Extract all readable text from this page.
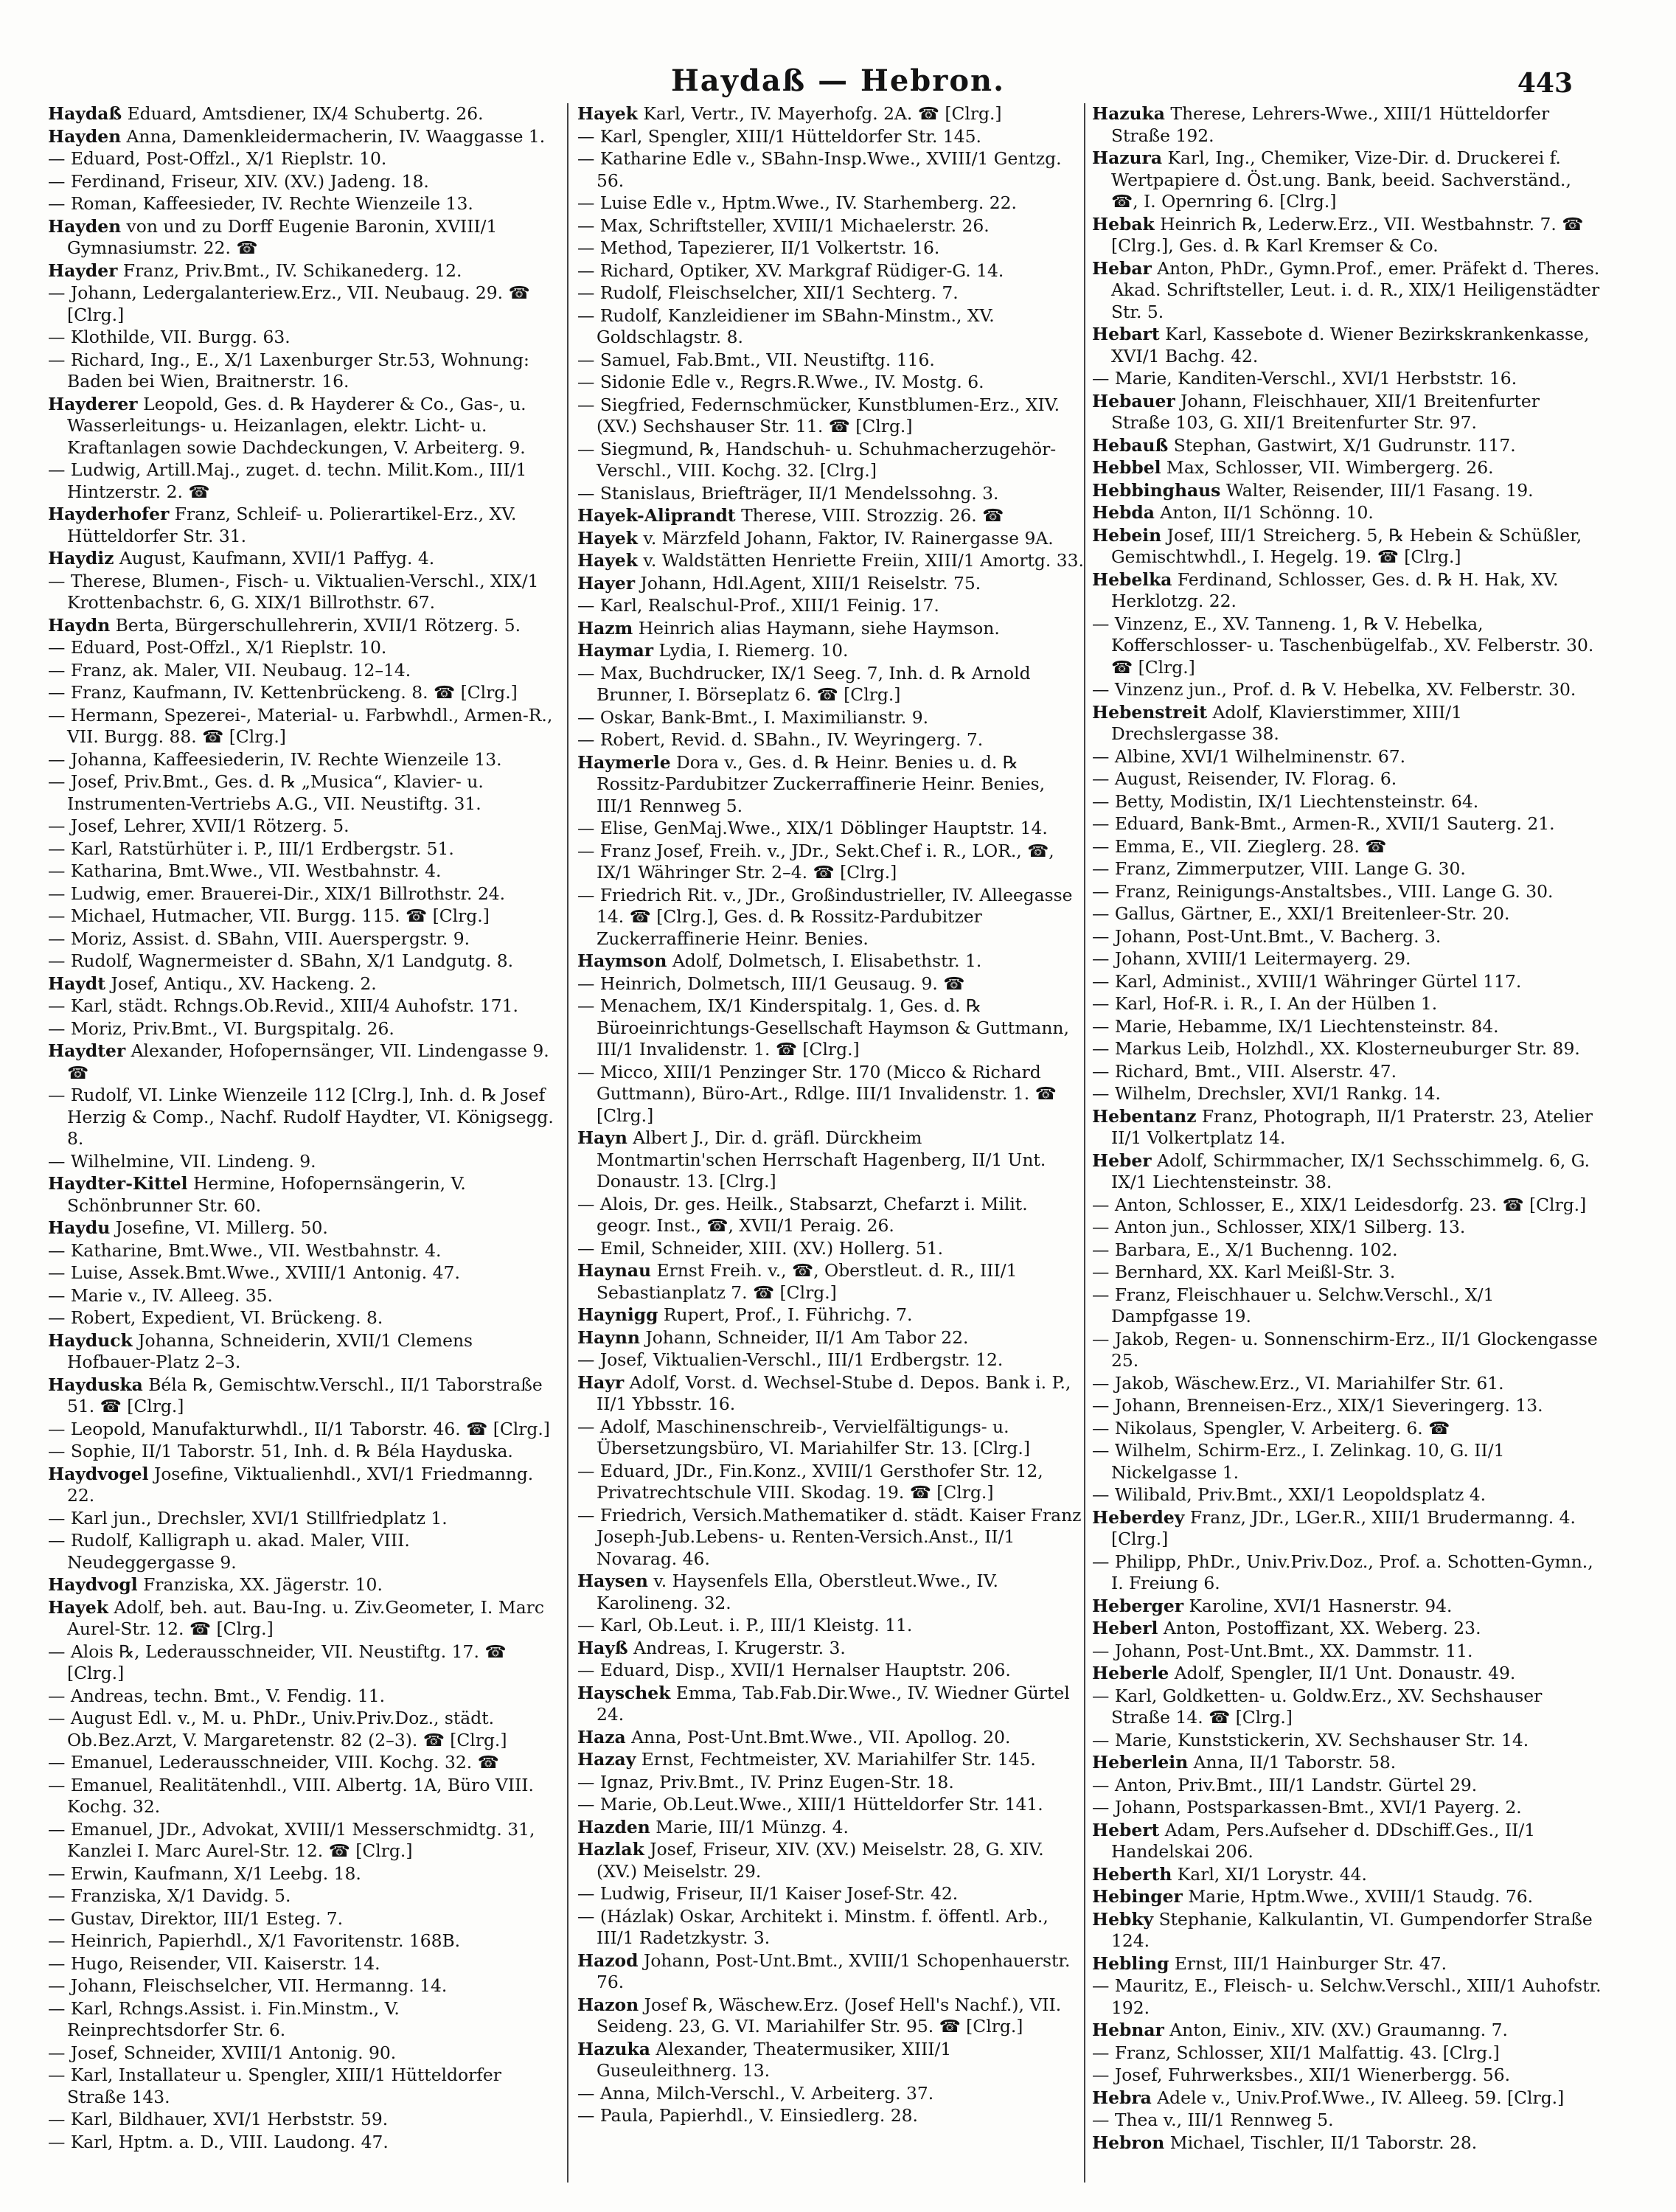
Haydaß — Hebron.	443
Haydaß Eduard, Amtsdiener, IX/4 Schubertg. 26.
Hayden Anna, Damenkleidermacherin, IV. Waaggasse 1.
— Eduard, Post-Offzl., X/1 Rieplstr. 10.
— Ferdinand, Friseur, XIV. (XV.) Jadeng. 18.
— Roman, Kaffeesieder, IV. Rechte Wienzeile 13.
Hayden von und zu Dorff Eugenie Baronin, XVIII/1 Gymnasiumstr. 22. ☎
Hayder Franz, Priv.Bmt., IV. Schikanederg. 12.
— Johann, Ledergalanteriew.Erz., VII. Neubaug. 29. ☎ [Clrg.]
— Klothilde, VII. Burgg. 63.
— Richard, Ing., E., X/1 Laxenburger Str.53, Wohnung: Baden bei Wien, Braitnerstr. 16.
Hayderer Leopold, Ges. d. ℞ Hayderer & Co., Gas-, u. Wasserleitungs- u. Heizanlagen, elektr. Licht- u. Kraftanlagen sowie Dachdeckungen, V. Arbeiterg. 9.
— Ludwig, Artill.Maj., zuget. d. techn. Milit.Kom., III/1 Hintzerstr. 2. ☎
Hayderhofer Franz, Schleif- u. Polierartikel-Erz., XV. Hütteldorfer Str. 31.
Haydiz August, Kaufmann, XVII/1 Paffyg. 4.
— Therese, Blumen-, Fisch- u. Viktualien-Verschl., XIX/1 Krottenbachstr. 6, G. XIX/1 Billrothstr. 67.
Haydn Berta, Bürgerschullehrerin, XVII/1 Rötzerg. 5.
— Eduard, Post-Offzl., X/1 Rieplstr. 10.
— Franz, ak. Maler, VII. Neubaug. 12–14.
— Franz, Kaufmann, IV. Kettenbrückeng. 8. ☎ [Clrg.]
— Hermann, Spezerei-, Material- u. Farbwhdl., Armen-R., VII. Burgg. 88. ☎ [Clrg.]
— Johanna, Kaffeesiederin, IV. Rechte Wienzeile 13.
— Josef, Priv.Bmt., Ges. d. ℞ „Musica“, Klavier- u. Instrumenten-Vertriebs A.G., VII. Neustiftg. 31.
— Josef, Lehrer, XVII/1 Rötzerg. 5.
— Karl, Ratstürhüter i. P., III/1 Erdbergstr. 51.
— Katharina, Bmt.Wwe., VII. Westbahnstr. 4.
— Ludwig, emer. Brauerei-Dir., XIX/1 Billrothstr. 24.
— Michael, Hutmacher, VII. Burgg. 115. ☎ [Clrg.]
— Moriz, Assist. d. SBahn, VIII. Auerspergstr. 9.
— Rudolf, Wagnermeister d. SBahn, X/1 Landgutg. 8.
Haydt Josef, Antiqu., XV. Hackeng. 2.
— Karl, städt. Rchngs.Ob.Revid., XIII/4 Auhofstr. 171.
— Moriz, Priv.Bmt., VI. Burgspitalg. 26.
Haydter Alexander, Hofopernsänger, VII. Lindengasse 9. ☎
— Rudolf, VI. Linke Wienzeile 112 [Clrg.], Inh. d. ℞ Josef Herzig & Comp., Nachf. Rudolf Haydter, VI. Königsegg. 8.
— Wilhelmine, VII. Lindeng. 9.
Haydter-Kittel Hermine, Hofopernsängerin, V. Schönbrunner Str. 60.
Haydu Josefine, VI. Millerg. 50.
— Katharine, Bmt.Wwe., VII. Westbahnstr. 4.
— Luise, Assek.Bmt.Wwe., XVIII/1 Antonig. 47.
— Marie v., IV. Alleeg. 35.
— Robert, Expedient, VI. Brückeng. 8.
Hayduck Johanna, Schneiderin, XVII/1 Clemens Hofbauer-Platz 2–3.
Hayduska Béla ℞, Gemischtw.Verschl., II/1 Taborstraße 51. ☎ [Clrg.]
— Leopold, Manufakturwhdl., II/1 Taborstr. 46. ☎ [Clrg.]
— Sophie, II/1 Taborstr. 51, Inh. d. ℞ Béla Hayduska.
Haydvogel Josefine, Viktualienhdl., XVI/1 Friedmanng. 22.
— Karl jun., Drechsler, XVI/1 Stillfriedplatz 1.
— Rudolf, Kalligraph u. akad. Maler, VIII. Neudeggergasse 9.
Haydvogl Franziska, XX. Jägerstr. 10.
Hayek Adolf, beh. aut. Bau-Ing. u. Ziv.Geometer, I. Marc Aurel-Str. 12. ☎ [Clrg.]
— Alois ℞, Lederausschneider, VII. Neustiftg. 17. ☎ [Clrg.]
— Andreas, techn. Bmt., V. Fendig. 11.
— August Edl. v., M. u. PhDr., Univ.Priv.Doz., städt. Ob.Bez.Arzt, V. Margaretenstr. 82 (2–3). ☎ [Clrg.]
— Emanuel, Lederausschneider, VIII. Kochg. 32. ☎
— Emanuel, Realitätenhdl., VIII. Albertg. 1A, Büro VIII. Kochg. 32.
— Emanuel, JDr., Advokat, XVIII/1 Messerschmidtg. 31, Kanzlei I. Marc Aurel-Str. 12. ☎ [Clrg.]
— Erwin, Kaufmann, X/1 Leebg. 18.
— Franziska, X/1 Davidg. 5.
— Gustav, Direktor, III/1 Esteg. 7.
— Heinrich, Papierhdl., X/1 Favoritenstr. 168B.
— Hugo, Reisender, VII. Kaiserstr. 14.
— Johann, Fleischselcher, VII. Hermanng. 14.
— Karl, Rchngs.Assist. i. Fin.Minstm., V. Reinprechtsdorfer Str. 6.
— Josef, Schneider, XVIII/1 Antonig. 90.
— Karl, Installateur u. Spengler, XIII/1 Hütteldorfer Straße 143.
— Karl, Bildhauer, XVI/1 Herbststr. 59.
— Karl, Hptm. a. D., VIII. Laudong. 47.
Hayek Karl, Vertr., IV. Mayerhofg. 2A. ☎ [Clrg.]
— Karl, Spengler, XIII/1 Hütteldorfer Str. 145.
— Katharine Edle v., SBahn-Insp.Wwe., XVIII/1 Gentzg. 56.
— Luise Edle v., Hptm.Wwe., IV. Starhemberg. 22.
— Max, Schriftsteller, XVIII/1 Michaelerstr. 26.
— Method, Tapezierer, II/1 Volkertstr. 16.
— Richard, Optiker, XV. Markgraf Rüdiger-G. 14.
— Rudolf, Fleischselcher, XII/1 Sechterg. 7.
— Rudolf, Kanzleidiener im SBahn-Minstm., XV. Goldschlagstr. 8.
— Samuel, Fab.Bmt., VII. Neustiftg. 116.
— Sidonie Edle v., Regrs.R.Wwe., IV. Mostg. 6.
— Siegfried, Federnschmücker, Kunstblumen-Erz., XIV. (XV.) Sechshauser Str. 11. ☎ [Clrg.]
— Siegmund, ℞, Handschuh- u. Schuhmacherzugehör-Verschl., VIII. Kochg. 32. [Clrg.]
— Stanislaus, Briefträger, II/1 Mendelssohng. 3.
Hayek-Aliprandt Therese, VIII. Strozzig. 26. ☎
Hayek v. Märzfeld Johann, Faktor, IV. Rainergasse 9A.
Hayek v. Waldstätten Henriette Freiin, XIII/1 Amortg. 33.
Hayer Johann, Hdl.Agent, XIII/1 Reiselstr. 75.
— Karl, Realschul-Prof., XIII/1 Feinig. 17.
Hazm Heinrich alias Haymann, siehe Haymson.
Haymar Lydia, I. Riemerg. 10.
— Max, Buchdrucker, IX/1 Seeg. 7, Inh. d. ℞ Arnold Brunner, I. Börseplatz 6. ☎ [Clrg.]
— Oskar, Bank-Bmt., I. Maximilianstr. 9.
— Robert, Revid. d. SBahn., IV. Weyringerg. 7.
Haymerle Dora v., Ges. d. ℞ Heinr. Benies u. d. ℞ Rossitz-Pardubitzer Zuckerraffinerie Heinr. Benies, III/1 Rennweg 5.
— Elise, GenMaj.Wwe., XIX/1 Döblinger Hauptstr. 14.
— Franz Josef, Freih. v., JDr., Sekt.Chef i. R., LOR., ☎, IX/1 Währinger Str. 2–4. ☎ [Clrg.]
— Friedrich Rit. v., JDr., Großindustrieller, IV. Alleegasse 14. ☎ [Clrg.], Ges. d. ℞ Rossitz-Pardubitzer Zuckerraffinerie Heinr. Benies.
Haymson Adolf, Dolmetsch, I. Elisabethstr. 1.
— Heinrich, Dolmetsch, III/1 Geusaug. 9. ☎
— Menachem, IX/1 Kinderspitalg. 1, Ges. d. ℞ Büroeinrichtungs-Gesellschaft Haymson & Guttmann, III/1 Invalidenstr. 1. ☎ [Clrg.]
— Micco, XIII/1 Penzinger Str. 170 (Micco & Richard Guttmann), Büro-Art., Rdlge. III/1 Invalidenstr. 1. ☎ [Clrg.]
Hayn Albert J., Dir. d. gräfl. Dürckheim Montmartin'schen Herrschaft Hagenberg, II/1 Unt. Donaustr. 13. [Clrg.]
— Alois, Dr. ges. Heilk., Stabsarzt, Chefarzt i. Milit. geogr. Inst., ☎, XVII/1 Peraig. 26.
— Emil, Schneider, XIII. (XV.) Hollerg. 51.
Haynau Ernst Freih. v., ☎, Oberstleut. d. R., III/1 Sebastianplatz 7. ☎ [Clrg.]
Haynigg Rupert, Prof., I. Führichg. 7.
Haynn Johann, Schneider, II/1 Am Tabor 22.
— Josef, Viktualien-Verschl., III/1 Erdbergstr. 12.
Hayr Adolf, Vorst. d. Wechsel-Stube d. Depos. Bank i. P., II/1 Ybbsstr. 16.
— Adolf, Maschinenschreib-, Vervielfältigungs- u. Übersetzungsbüro, VI. Mariahilfer Str. 13. [Clrg.]
— Eduard, JDr., Fin.Konz., XVIII/1 Gersthofer Str. 12, Privatrechtschule VIII. Skodag. 19. ☎ [Clrg.]
— Friedrich, Versich.Mathematiker d. städt. Kaiser Franz Joseph-Jub.Lebens- u. Renten-Versich.Anst., II/1 Novarag. 46.
Haysen v. Haysenfels Ella, Oberstleut.Wwe., IV. Karolineng. 32.
— Karl, Ob.Leut. i. P., III/1 Kleistg. 11.
Hayß Andreas, I. Krugerstr. 3.
— Eduard, Disp., XVII/1 Hernalser Hauptstr. 206.
Hayschek Emma, Tab.Fab.Dir.Wwe., IV. Wiedner Gürtel 24.
Haza Anna, Post-Unt.Bmt.Wwe., VII. Apollog. 20.
Hazay Ernst, Fechtmeister, XV. Mariahilfer Str. 145.
— Ignaz, Priv.Bmt., IV. Prinz Eugen-Str. 18.
— Marie, Ob.Leut.Wwe., XIII/1 Hütteldorfer Str. 141.
Hazden Marie, III/1 Münzg. 4.
Hazlak Josef, Friseur, XIV. (XV.) Meiselstr. 28, G. XIV. (XV.) Meiselstr. 29.
— Ludwig, Friseur, II/1 Kaiser Josef-Str. 42.
— (Házlak) Oskar, Architekt i. Minstm. f. öffentl. Arb., III/1 Radetzkystr. 3.
Hazod Johann, Post-Unt.Bmt., XVIII/1 Schopenhauerstr. 76.
Hazon Josef ℞, Wäschew.Erz. (Josef Hell's Nachf.), VII. Seideng. 23, G. VI. Mariahilfer Str. 95. ☎ [Clrg.]
Hazuka Alexander, Theatermusiker, XIII/1 Guseuleithnerg. 13.
— Anna, Milch-Verschl., V. Arbeiterg. 37.
— Paula, Papierhdl., V. Einsiedlerg. 28.
Hazuka Therese, Lehrers-Wwe., XIII/1 Hütteldorfer Straße 192.
Hazura Karl, Ing., Chemiker, Vize-Dir. d. Druckerei f. Wertpapiere d. Öst.ung. Bank, beeid. Sachverständ., ☎, I. Opernring 6. [Clrg.]
Hebak Heinrich ℞, Lederw.Erz., VII. Westbahnstr. 7. ☎ [Clrg.], Ges. d. ℞ Karl Kremser & Co.
Hebar Anton, PhDr., Gymn.Prof., emer. Präfekt d. Theres. Akad. Schriftsteller, Leut. i. d. R., XIX/1 Heiligenstädter Str. 5.
Hebart Karl, Kassebote d. Wiener Bezirkskrankenkasse, XVI/1 Bachg. 42.
— Marie, Kanditen-Verschl., XVI/1 Herbststr. 16.
Hebauer Johann, Fleischhauer, XII/1 Breitenfurter Straße 103, G. XII/1 Breitenfurter Str. 97.
Hebauß Stephan, Gastwirt, X/1 Gudrunstr. 117.
Hebbel Max, Schlosser, VII. Wimbergerg. 26.
Hebbinghaus Walter, Reisender, III/1 Fasang. 19.
Hebda Anton, II/1 Schönng. 10.
Hebein Josef, III/1 Streicherg. 5, ℞ Hebein & Schüßler, Gemischtwhdl., I. Hegelg. 19. ☎ [Clrg.]
Hebelka Ferdinand, Schlosser, Ges. d. ℞ H. Hak, XV. Herklotzg. 22.
— Vinzenz, E., XV. Tanneng. 1, ℞ V. Hebelka, Kofferschlosser- u. Taschenbügelfab., XV. Felberstr. 30. ☎ [Clrg.]
— Vinzenz jun., Prof. d. ℞ V. Hebelka, XV. Felberstr. 30.
Hebenstreit Adolf, Klavierstimmer, XIII/1 Drechslergasse 38.
— Albine, XVI/1 Wilhelminenstr. 67.
— August, Reisender, IV. Florag. 6.
— Betty, Modistin, IX/1 Liechtensteinstr. 64.
— Eduard, Bank-Bmt., Armen-R., XVII/1 Sauterg. 21.
— Emma, E., VII. Zieglerg. 28. ☎
— Franz, Zimmerputzer, VIII. Lange G. 30.
— Franz, Reinigungs-Anstaltsbes., VIII. Lange G. 30.
— Gallus, Gärtner, E., XXI/1 Breitenleer-Str. 20.
— Johann, Post-Unt.Bmt., V. Bacherg. 3.
— Johann, XVIII/1 Leitermayerg. 29.
— Karl, Administ., XVIII/1 Währinger Gürtel 117.
— Karl, Hof-R. i. R., I. An der Hülben 1.
— Marie, Hebamme, IX/1 Liechtensteinstr. 84.
— Markus Leib, Holzhdl., XX. Klosterneuburger Str. 89.
— Richard, Bmt., VIII. Alserstr. 47.
— Wilhelm, Drechsler, XVI/1 Rankg. 14.
Hebentanz Franz, Photograph, II/1 Praterstr. 23, Atelier II/1 Volkertplatz 14.
Heber Adolf, Schirmmacher, IX/1 Sechsschimmelg. 6, G. IX/1 Liechtensteinstr. 38.
— Anton, Schlosser, E., XIX/1 Leidesdorfg. 23. ☎ [Clrg.]
— Anton jun., Schlosser, XIX/1 Silberg. 13.
— Barbara, E., X/1 Buchenng. 102.
— Bernhard, XX. Karl Meißl-Str. 3.
— Franz, Fleischhauer u. Selchw.Verschl., X/1 Dampfgasse 19.
— Jakob, Regen- u. Sonnenschirm-Erz., II/1 Glockengasse 25.
— Jakob, Wäschew.Erz., VI. Mariahilfer Str. 61.
— Johann, Brenneisen-Erz., XIX/1 Sieveringerg. 13.
— Nikolaus, Spengler, V. Arbeiterg. 6. ☎
— Wilhelm, Schirm-Erz., I. Zelinkag. 10, G. II/1 Nickelgasse 1.
— Wilibald, Priv.Bmt., XXI/1 Leopoldsplatz 4.
Heberdey Franz, JDr., LGer.R., XIII/1 Brudermanng. 4. [Clrg.]
— Philipp, PhDr., Univ.Priv.Doz., Prof. a. Schotten-Gymn., I. Freiung 6.
Heberger Karoline, XVI/1 Hasnerstr. 94.
Heberl Anton, Postoffizant, XX. Weberg. 23.
— Johann, Post-Unt.Bmt., XX. Dammstr. 11.
Heberle Adolf, Spengler, II/1 Unt. Donaustr. 49.
— Karl, Goldketten- u. Goldw.Erz., XV. Sechshauser Straße 14. ☎ [Clrg.]
— Marie, Kunststickerin, XV. Sechshauser Str. 14.
Heberlein Anna, II/1 Taborstr. 58.
— Anton, Priv.Bmt., III/1 Landstr. Gürtel 29.
— Johann, Postsparkassen-Bmt., XVI/1 Payerg. 2.
Hebert Adam, Pers.Aufseher d. DDschiff.Ges., II/1 Handelskai 206.
Heberth Karl, XI/1 Lorystr. 44.
Hebinger Marie, Hptm.Wwe., XVIII/1 Staudg. 76.
Hebky Stephanie, Kalkulantin, VI. Gumpendorfer Straße 124.
Hebling Ernst, III/1 Hainburger Str. 47.
— Mauritz, E., Fleisch- u. Selchw.Verschl., XIII/1 Auhofstr. 192.
Hebnar Anton, Einiv., XIV. (XV.) Graumanng. 7.
— Franz, Schlosser, XII/1 Malfattig. 43. [Clrg.]
— Josef, Fuhrwerksbes., XII/1 Wienerbergg. 56.
Hebra Adele v., Univ.Prof.Wwe., IV. Alleeg. 59. [Clrg.]
— Thea v., III/1 Rennweg 5.
Hebron Michael, Tischler, II/1 Taborstr. 28.
